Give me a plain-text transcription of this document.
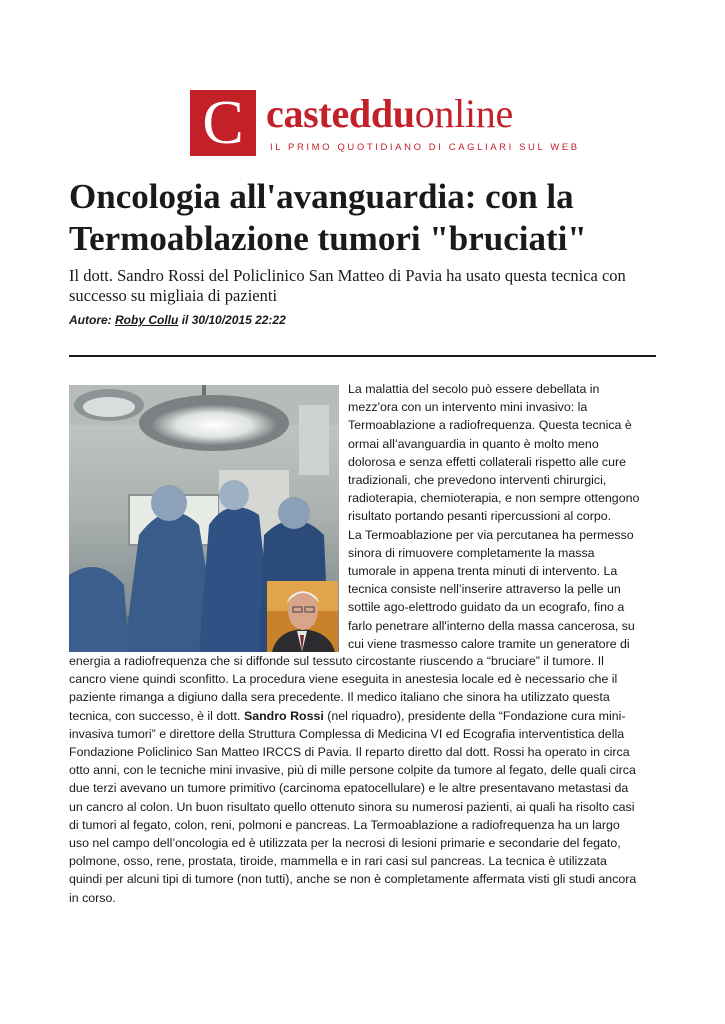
C castedduonline
IL PRIMO QUOTIDIANO DI CAGLIARI SUL WEB
Oncologia all'avanguardia: con la
Termoablazione tumori "bruciati"
Il dott. Sandro Rossi del Policlinico San Matteo di Pavia ha usato questa tecnica con
successo su migliaia di pazienti
Autore: Roby Collu il 30/10/2015 22:22
La malattia del secolo può essere debellata in
mezz'ora con un intervento mini invasivo: la
Termoablazione a radiofrequenza. Questa tecnica è
ormai all’avanguardia in quanto è molto meno
dolorosa e senza effetti collaterali rispetto alle cure
tradizionali, che prevedono interventi chirurgici,
radioterapia, chemioterapia, e non sempre ottengono
risultato portando pesanti ripercussioni al corpo.
La Termoablazione per via percutanea ha permesso
sinora di rimuovere completamente la massa
tumorale in appena trenta minuti di intervento. La
tecnica consiste nell’inserire attraverso la pelle un
sottile ago-elettrodo guidato da un ecografo, fino a
farlo penetrare all'interno della massa cancerosa, su
cui viene trasmesso calore tramite un generatore di
energia a radiofrequenza che si diffonde sul tessuto circostante riuscendo a “bruciare” il tumore. Il
cancro viene quindi sconfitto. La procedura viene eseguita in anestesia locale ed è necessario che il
paziente rimanga a digiuno dalla sera precedente. Il medico italiano che sinora ha utilizzato questa
tecnica, con successo, è il dott. Sandro Rossi (nel riquadro), presidente della “Fondazione cura mini-
invasiva tumori” e direttore della Struttura Complessa di Medicina VI ed Ecografia interventistica della
Fondazione Policlinico San Matteo IRCCS di Pavia. Il reparto diretto dal dott. Rossi ha operato in circa
otto anni, con le tecniche mini invasive, più di mille persone colpite da tumore al fegato, delle quali circa
due terzi avevano un tumore primitivo (carcinoma epatocellulare) e le altre presentavano metastasi da
un cancro al colon. Un buon risultato quello ottenuto sinora su numerosi pazienti, ai quali ha risolto casi
di tumori al fegato, colon, reni, polmoni e pancreas. La Termoablazione a radiofrequenza ha un largo
uso nel campo dell’oncologia ed è utilizzata per la necrosi di lesioni primarie e secondarie del fegato,
polmone, osso, rene, prostata, tiroide, mammella e in rari casi sul pancreas. La tecnica è utilizzata
quindi per alcuni tipi di tumore (non tutti), anche se non è completamente affermata visti gli studi ancora
in corso.
